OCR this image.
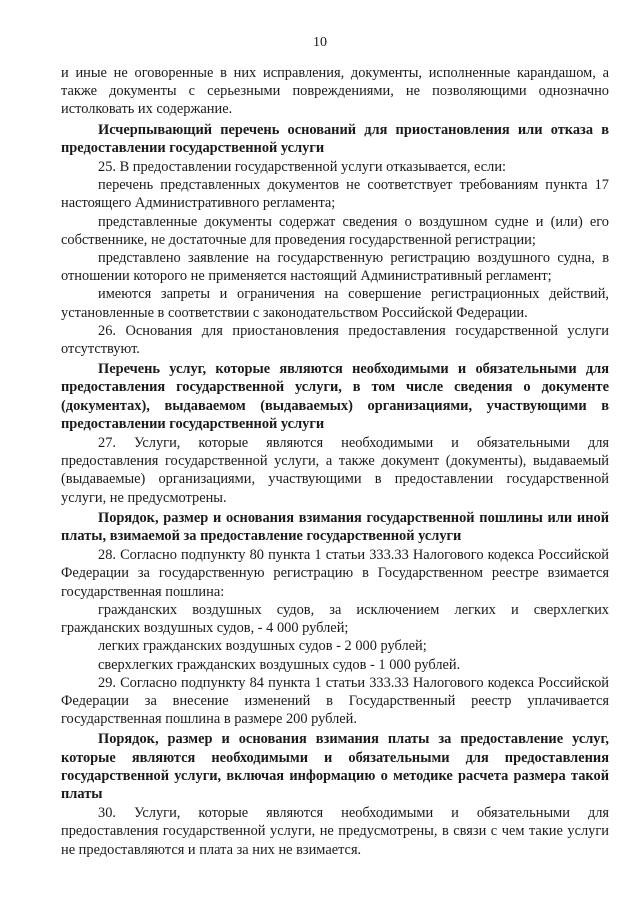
10

и иные не оговоренные в них исправления, документы, исполненные карандашом, а также документы с серьезными повреждениями, не позволяющими однозначно истолковать их содержание.

Исчерпывающий перечень оснований для приостановления или отказа в предоставлении государственной услуги

25. В предоставлении государственной услуги отказывается, если:

перечень представленных документов не соответствует требованиям пункта 17 настоящего Административного регламента;

представленные документы содержат сведения о воздушном судне и (или) его собственнике, не достаточные для проведения государственной регистрации;

представлено заявление на государственную регистрацию воздушного судна, в отношении которого не применяется настоящий Административный регламент;

имеются запреты и ограничения на совершение регистрационных действий, установленные в соответствии с законодательством Российской Федерации.

26. Основания для приостановления предоставления государственной услуги отсутствуют.

Перечень услуг, которые являются необходимыми и обязательными для предоставления государственной услуги, в том числе сведения о документе (документах), выдаваемом (выдаваемых) организациями, участвующими в предоставлении государственной услуги

27. Услуги, которые являются необходимыми и обязательными для предоставления государственной услуги, а также документ (документы), выдаваемый (выдаваемые) организациями, участвующими в предоставлении государственной услуги, не предусмотрены.

Порядок, размер и основания взимания государственной пошлины или иной платы, взимаемой за предоставление государственной услуги

28. Согласно подпункту 80 пункта 1 статьи 333.33 Налогового кодекса Российской Федерации за государственную регистрацию в Государственном реестре взимается государственная пошлина:

гражданских воздушных судов, за исключением легких и сверхлегких гражданских воздушных судов, - 4 000 рублей;

легких гражданских воздушных судов - 2 000 рублей;

сверхлегких гражданских воздушных судов - 1 000 рублей.

29. Согласно подпункту 84 пункта 1 статьи 333.33 Налогового кодекса Российской Федерации за внесение изменений в Государственный реестр уплачивается государственная пошлина в размере 200 рублей.

Порядок, размер и основания взимания платы за предоставление услуг, которые являются необходимыми и обязательными для предоставления государственной услуги, включая информацию о методике расчета размера такой платы

30. Услуги, которые являются необходимыми и обязательными для предоставления государственной услуги, не предусмотрены, в связи с чем такие услуги не предоставляются и плата за них не взимается.
